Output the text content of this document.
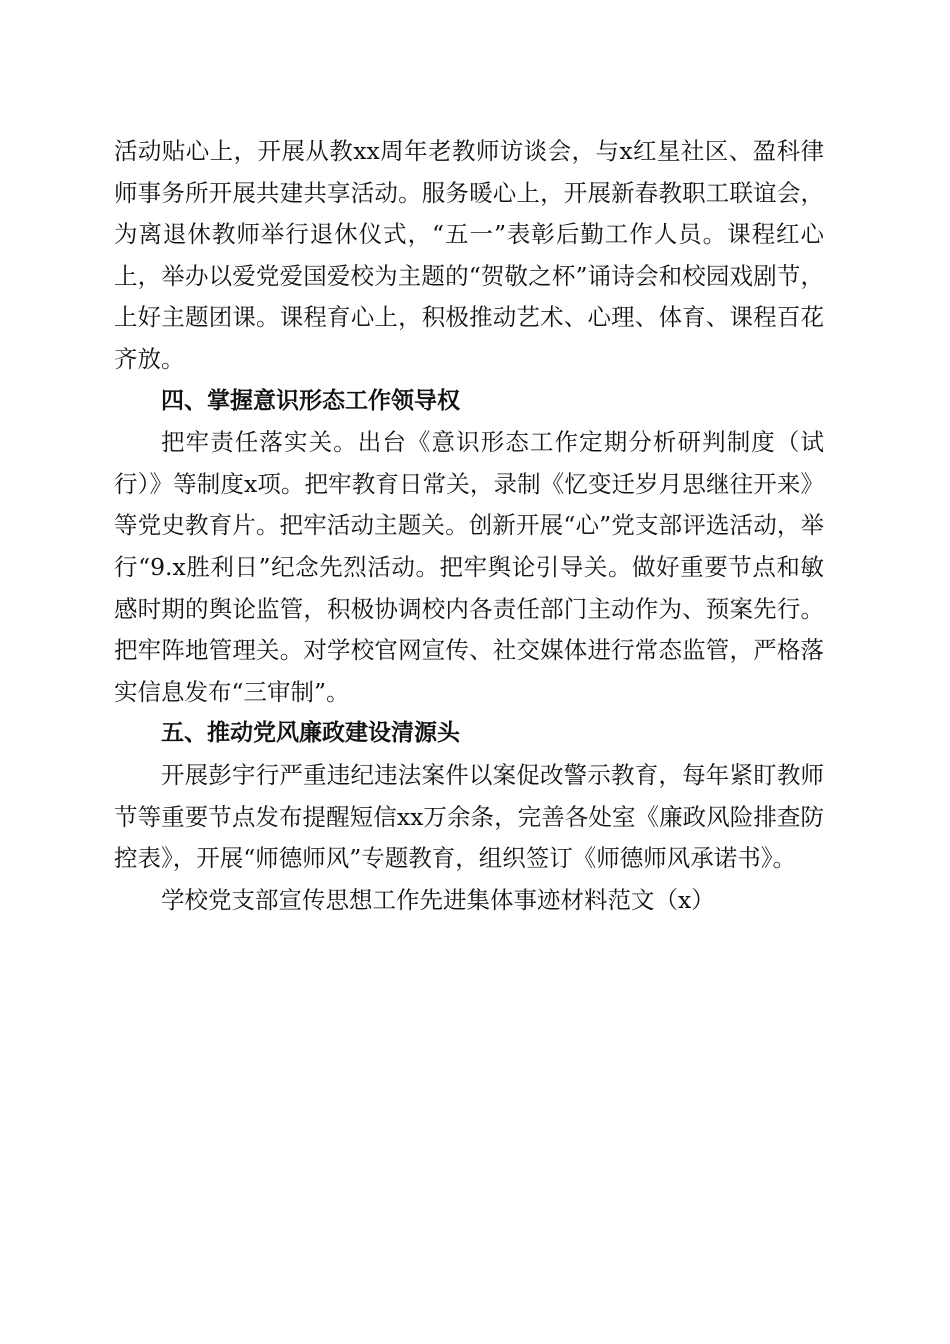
活动贴心上，开展从教xx周年老教师访谈会，与x红星社区、盈科律师事务所开展共建共享活动。服务暖心上，开展新春教职工联谊会，为离退休教师举行退休仪式，“五一”表彰后勤工作人员。课程红心上，举办以爱党爱国爱校为主题的“贺敬之杯”诵诗会和校园戏剧节，上好主题团课。课程育心上，积极推动艺术、心理、体育、课程百花齐放。

四、掌握意识形态工作领导权

把牢责任落实关。出台《意识形态工作定期分析研判制度（试行）》等制度x项。把牢教育日常关，录制《忆变迁岁月思继往开来》等党史教育片。把牢活动主题关。创新开展“心”党支部评选活动，举行“9.x胜利日”纪念先烈活动。把牢舆论引导关。做好重要节点和敏感时期的舆论监管，积极协调校内各责任部门主动作为、预案先行。把牢阵地管理关。对学校官网宣传、社交媒体进行常态监管，严格落实信息发布“三审制”。

五、推动党风廉政建设清源头

开展彭宇行严重违纪违法案件以案促改警示教育，每年紧盯教师节等重要节点发布提醒短信xx万余条，完善各处室《廉政风险排查防控表》，开展“师德师风”专题教育，组织签订《师德师风承诺书》。

学校党支部宣传思想工作先进集体事迹材料范文（x）
